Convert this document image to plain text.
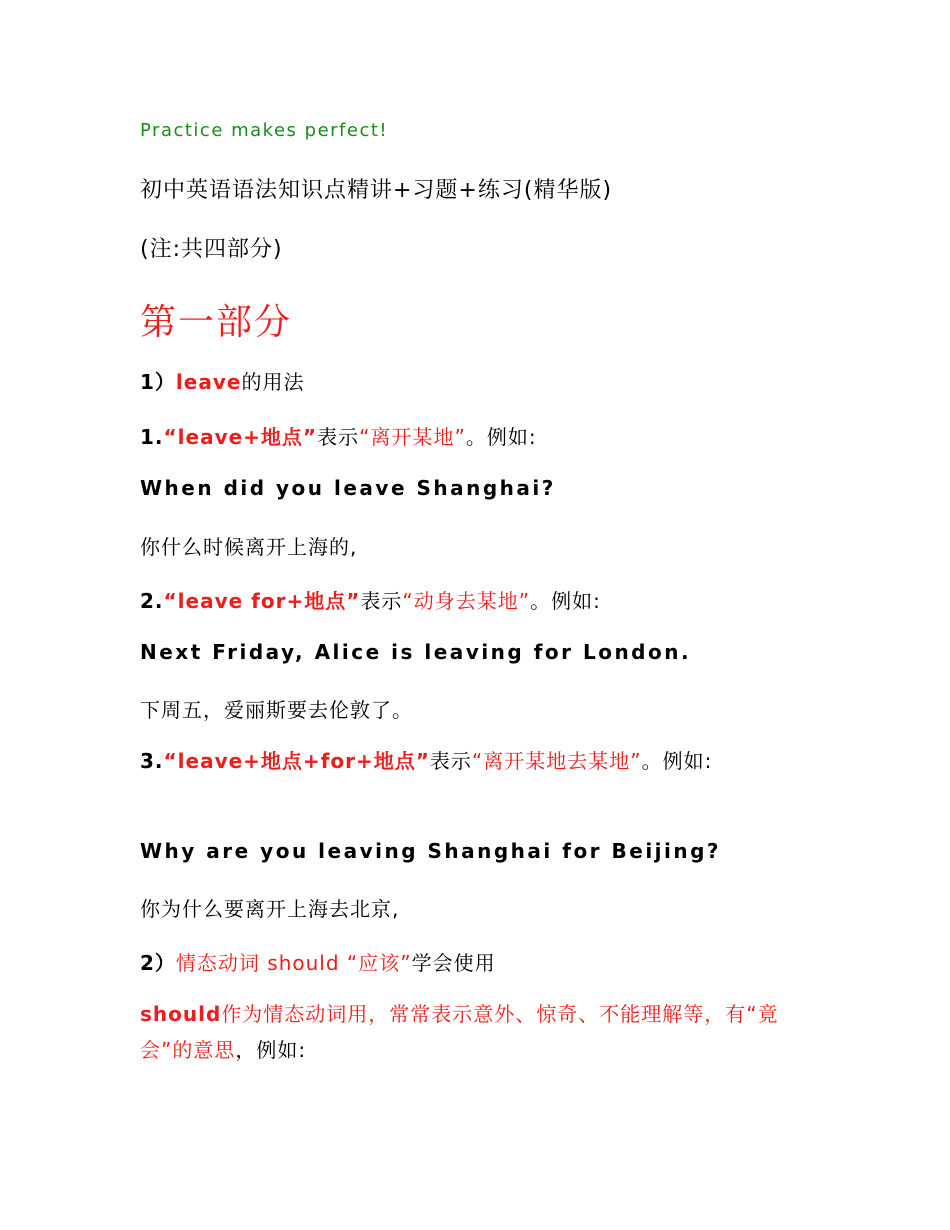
Practice makes perfect!
初中英语语法知识点精讲+习题+练习(精华版)
(注:共四部分)
第一部分
1）leave的用法
1.“leave+地点”表示“离开某地”。例如:
When did you leave Shanghai?
你什么时候离开上海的,
2.“leave for+地点”表示“动身去某地”。例如:
Next Friday, Alice is leaving for London.
下周五，爱丽斯要去伦敦了。
3.“leave+地点+for+地点”表示“离开某地去某地”。例如:
Why are you leaving Shanghai for Beijing?
你为什么要离开上海去北京,
2）情态动词 should “应该”学会使用
should作为情态动词用，常常表示意外、惊奇、不能理解等，有“竟会”的意思，例如:
